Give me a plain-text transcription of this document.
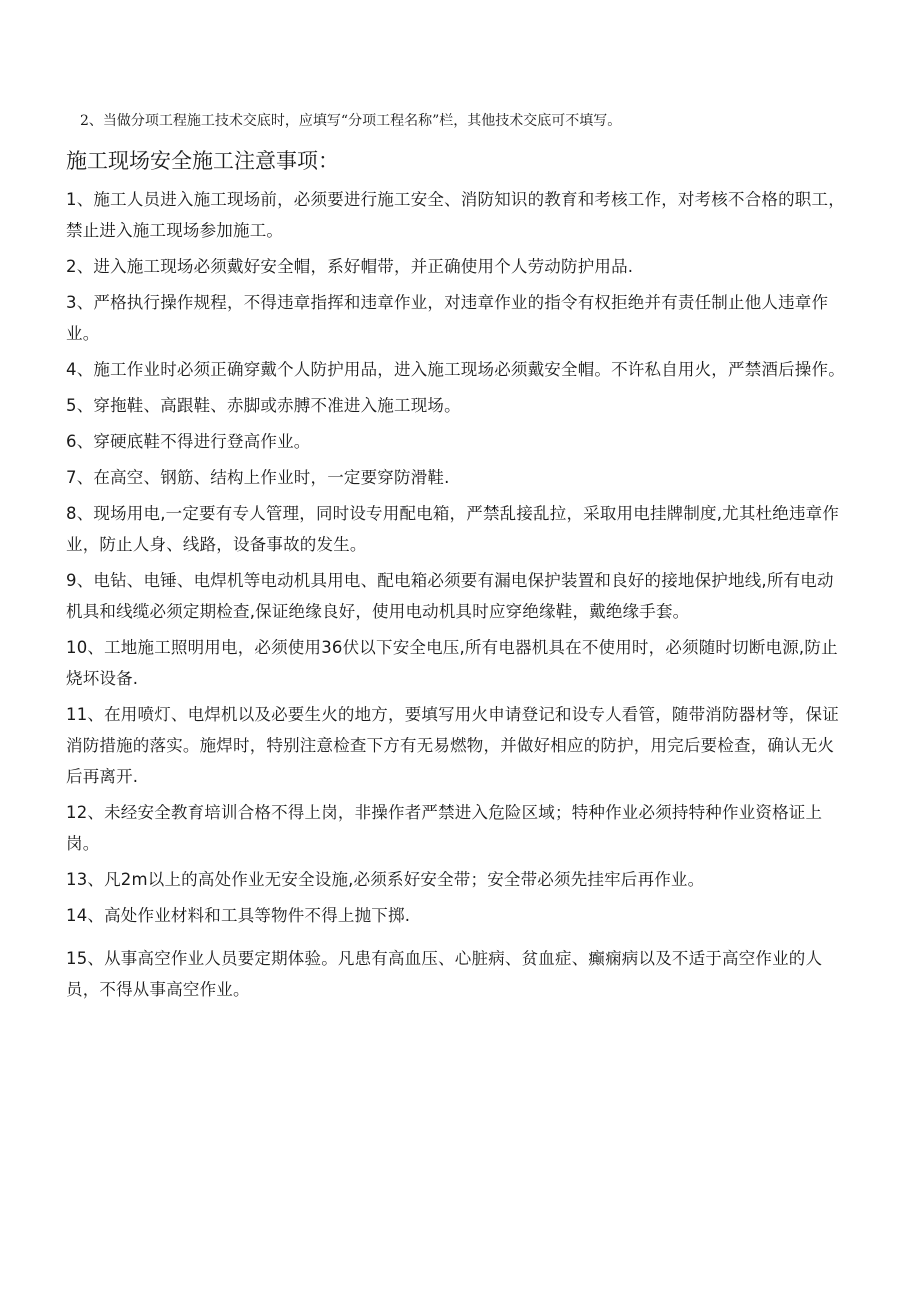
2、当做分项工程施工技术交底时，应填写“分项工程名称”栏，其他技术交底可不填写。
施工现场安全施工注意事项：
1、施工人员进入施工现场前，必须要进行施工安全、消防知识的教育和考核工作，对考核不合格的职工，禁止进入施工现场参加施工。
2、进入施工现场必须戴好安全帽，系好帽带，并正确使用个人劳动防护用品.
3、严格执行操作规程，不得违章指挥和违章作业，对违章作业的指令有权拒绝并有责任制止他人违章作业。
4、施工作业时必须正确穿戴个人防护用品，进入施工现场必须戴安全帽。不许私自用火，严禁酒后操作。
5、穿拖鞋、高跟鞋、赤脚或赤膊不准进入施工现场。
6、穿硬底鞋不得进行登高作业。
7、在高空、钢筋、结构上作业时，一定要穿防滑鞋.
8、现场用电,一定要有专人管理，同时设专用配电箱，严禁乱接乱拉，采取用电挂牌制度,尤其杜绝违章作业，防止人身、线路，设备事故的发生。
9、电钻、电锤、电焊机等电动机具用电、配电箱必须要有漏电保护装置和良好的接地保护地线,所有电动机具和线缆必须定期检查,保证绝缘良好，使用电动机具时应穿绝缘鞋，戴绝缘手套。
10、工地施工照明用电，必须使用36伏以下安全电压,所有电器机具在不使用时，必须随时切断电源,防止烧坏设备.
11、在用喷灯、电焊机以及必要生火的地方，要填写用火申请登记和设专人看管，随带消防器材等，保证消防措施的落实。施焊时，特别注意检查下方有无易燃物，并做好相应的防护，用完后要检查，确认无火后再离开.
12、未经安全教育培训合格不得上岗，非操作者严禁进入危险区域；特种作业必须持特种作业资格证上岗。
13、凡2m以上的高处作业无安全设施,必须系好安全带；安全带必须先挂牢后再作业。
14、高处作业材料和工具等物件不得上抛下掷.
15、从事高空作业人员要定期体验。凡患有高血压、心脏病、贫血症、癫痫病以及不适于高空作业的人员，不得从事高空作业。
